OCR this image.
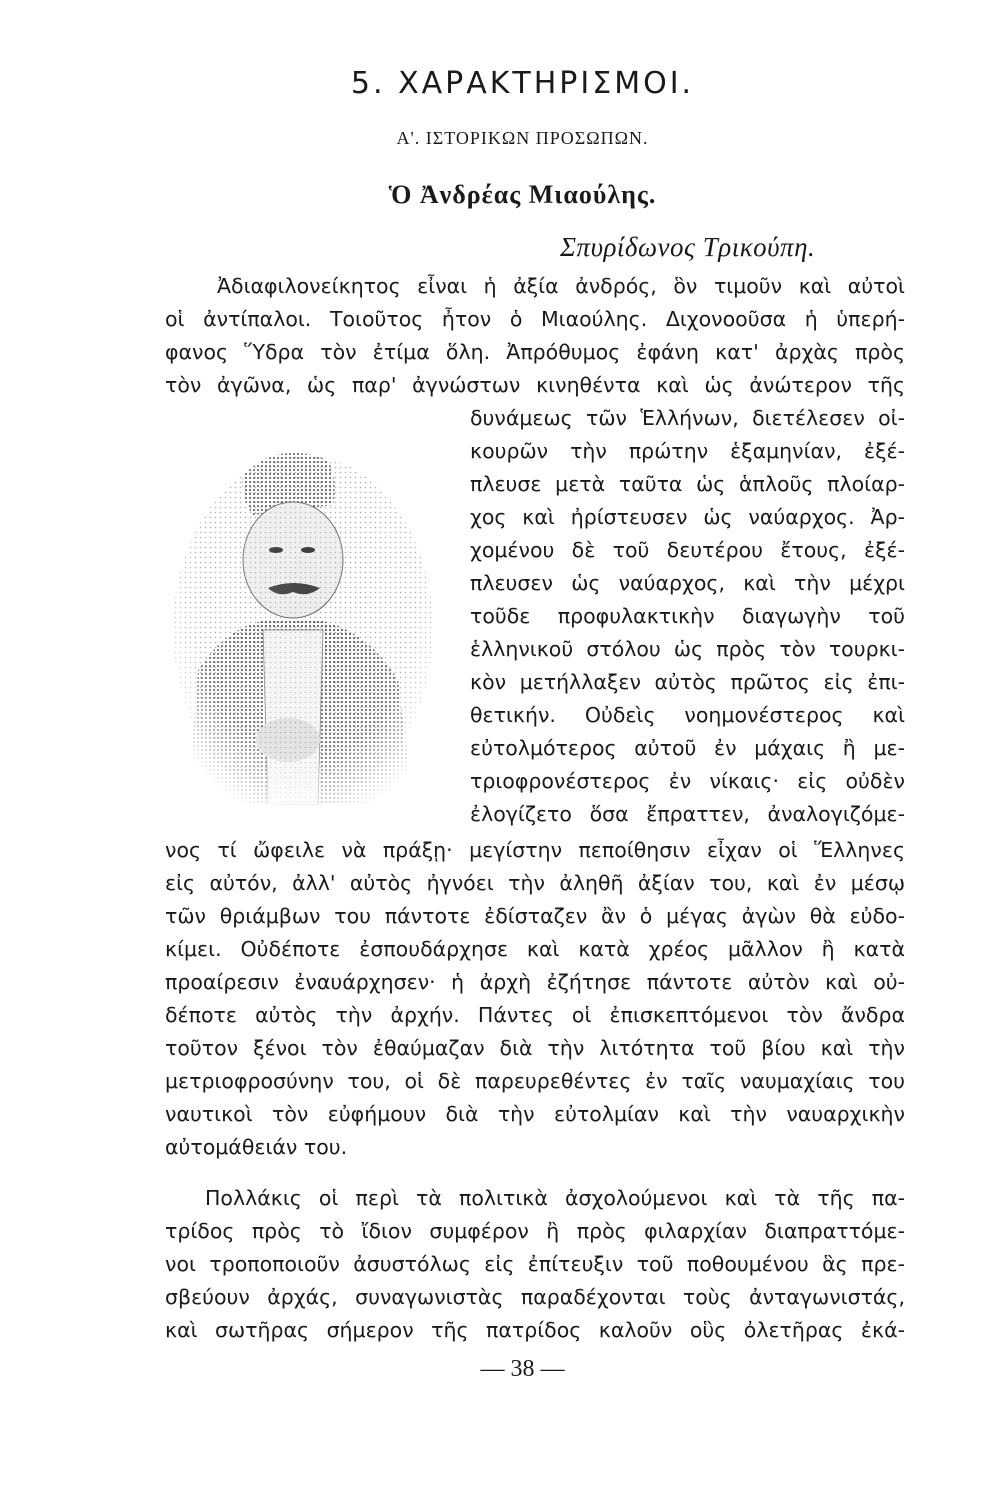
5. ΧΑΡΑΚΤΗΡΙΣΜΟΙ.
Α'. ΙΣΤΟΡΙΚΩΝ ΠΡΟΣΩΠΩΝ.
Ὁ Ἀνδρέας Μιαούλης.
Σπυρίδωνος Τρικούπη.
Ἀδιαφιλονείκητος εἶναι ἡ ἀξία ἀνδρός, ὃν τιμοῦν καὶ αὐτοὶ
οἱ ἀντίπαλοι. Τοιοῦτος ἦτον ὁ Μιαούλης. Διχονοοῦσα ἡ ὑπερή-
φανος Ὕδρα τὸν ἐτίμα ὅλη. Ἀπρόθυμος ἐφάνη κατ' ἀρχὰς πρὸς
τὸν ἀγῶνα, ὡς παρ' ἀγνώστων κινηθέντα καὶ ὡς ἀνώτερον τῆς
δυνάμεως τῶν Ἑλλήνων, διετέλεσεν οἰ-
κουρῶν τὴν πρώτην ἑξαμηνίαν, ἐξέ-
πλευσε μετὰ ταῦτα ὡς ἁπλοῦς πλοίαρ-
χος καὶ ἠρίστευσεν ὡς ναύαρχος. Ἀρ-
χομένου δὲ τοῦ δευτέρου ἔτους, ἐξέ-
πλευσεν ὡς ναύαρχος, καὶ τὴν μέχρι
τοῦδε προφυλακτικὴν διαγωγὴν τοῦ
ἑλληνικοῦ στόλου ὡς πρὸς τὸν τουρκι-
κὸν μετήλλαξεν αὐτὸς πρῶτος εἰς ἐπι-
θετικήν. Οὐδεὶς νοημονέστερος καὶ
εὐτολμότερος αὐτοῦ ἐν μάχαις ἢ με-
τριοφρονέστερος ἐν νίκαις· εἰς οὐδὲν
ἐλογίζετο ὅσα ἔπραττεν, ἀναλογιζόμε-
νος τί ὤφειλε νὰ πράξῃ· μεγίστην πεποίθησιν εἶχαν οἱ Ἕλληνες
εἰς αὐτόν, ἀλλ' αὐτὸς ἠγνόει τὴν ἀληθῆ ἀξίαν του, καὶ ἐν μέσῳ
τῶν θριάμβων του πάντοτε ἐδίσταζεν ἂν ὁ μέγας ἀγὼν θὰ εὐδο-
κίμει. Οὐδέποτε ἐσπουδάρχησε καὶ κατὰ χρέος μᾶλλον ἢ κατὰ
προαίρεσιν ἐναυάρχησεν· ἡ ἀρχὴ ἐζήτησε πάντοτε αὐτὸν καὶ οὐ-
δέποτε αὐτὸς τὴν ἀρχήν. Πάντες οἱ ἐπισκεπτόμενοι τὸν ἄνδρα
τοῦτον ξένοι τὸν ἐθαύμαζαν διὰ τὴν λιτότητα τοῦ βίου καὶ τὴν
μετριοφροσύνην του, οἱ δὲ παρευρεθέντες ἐν ταῖς ναυμαχίαις του
ναυτικοὶ τὸν εὐφήμουν διὰ τὴν εὐτολμίαν καὶ τὴν ναυαρχικὴν
αὐτομάθειάν του.
Πολλάκις οἱ περὶ τὰ πολιτικὰ ἀσχολούμενοι καὶ τὰ τῆς πα-
τρίδος πρὸς τὸ ἴδιον συμφέρον ἢ πρὸς φιλαρχίαν διαπραττόμε-
νοι τροποποιοῦν ἀσυστόλως εἰς ἐπίτευξιν τοῦ ποθουμένου ἃς πρε-
σβεύουν ἀρχάς, συναγωνιστὰς παραδέχονται τοὺς ἀνταγωνιστάς,
καὶ σωτῆρας σήμερον τῆς πατρίδος καλοῦν οὓς ὀλετῆρας ἐκά-
— 38 —
